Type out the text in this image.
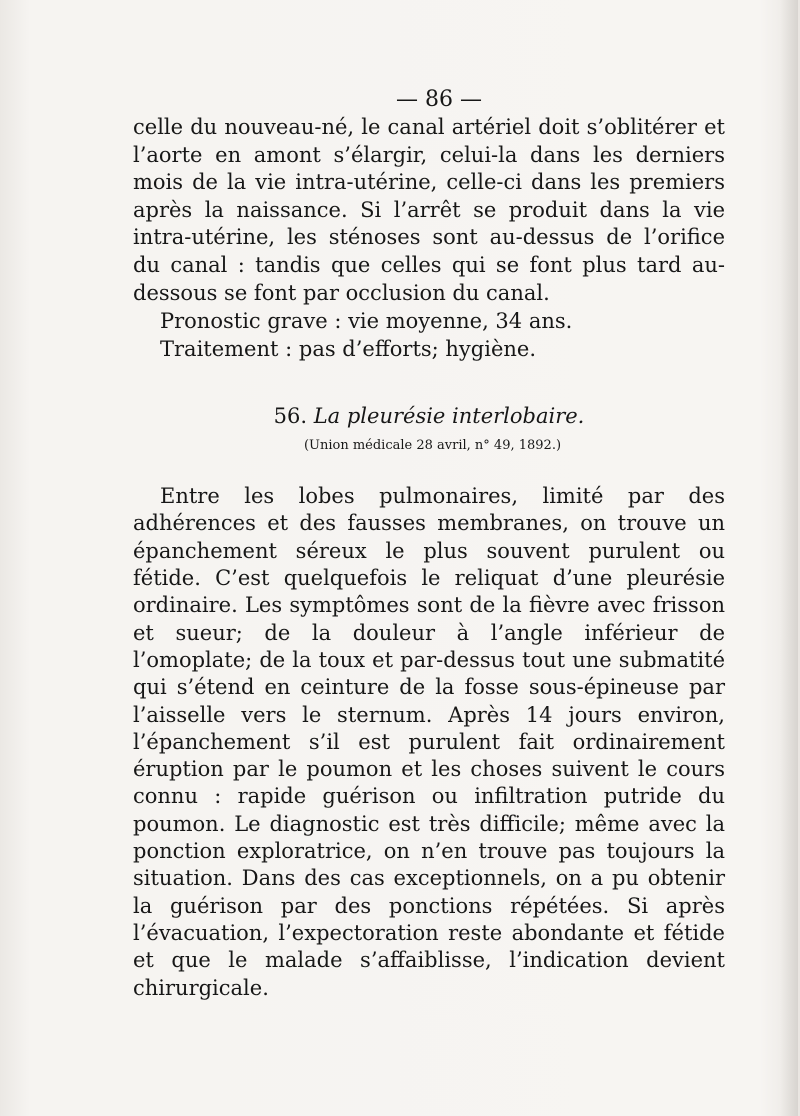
— 86 —

celle du nouveau-né, le canal artériel doit s’oblitérer et l’aorte en amont s’élargir, celui-la dans les derniers mois de la vie intra-utérine, celle-ci dans les premiers après la naissance. Si l’arrêt se produit dans la vie intra-utérine, les sténoses sont au-dessus de l’orifice du canal : tandis que celles qui se font plus tard au-dessous se font par occlusion du canal.

Pronostic grave : vie moyenne, 34 ans.

Traitement : pas d’efforts; hygiène.

56. La pleurésie interlobaire.
(Union médicale 28 avril, n° 49, 1892.)

Entre les lobes pulmonaires, limité par des adhérences et des fausses membranes, on trouve un épanchement séreux le plus souvent purulent ou fétide. C’est quelquefois le reliquat d’une pleurésie ordinaire. Les symptômes sont de la fièvre avec frisson et sueur; de la douleur à l’angle inférieur de l’omoplate; de la toux et par-dessus tout une submatité qui s’étend en ceinture de la fosse sous-épineuse par l’aisselle vers le sternum. Après 14 jours environ, l’épanchement s’il est purulent fait ordinairement éruption par le poumon et les choses suivent le cours connu : rapide guérison ou infiltration putride du poumon. Le diagnostic est très difficile; même avec la ponction exploratrice, on n’en trouve pas toujours la situation. Dans des cas exceptionnels, on a pu obtenir la guérison par des ponctions répétées. Si après l’évacuation, l’expectoration reste abondante et fétide et que le malade s’affaiblisse, l’indication devient chirurgicale.
